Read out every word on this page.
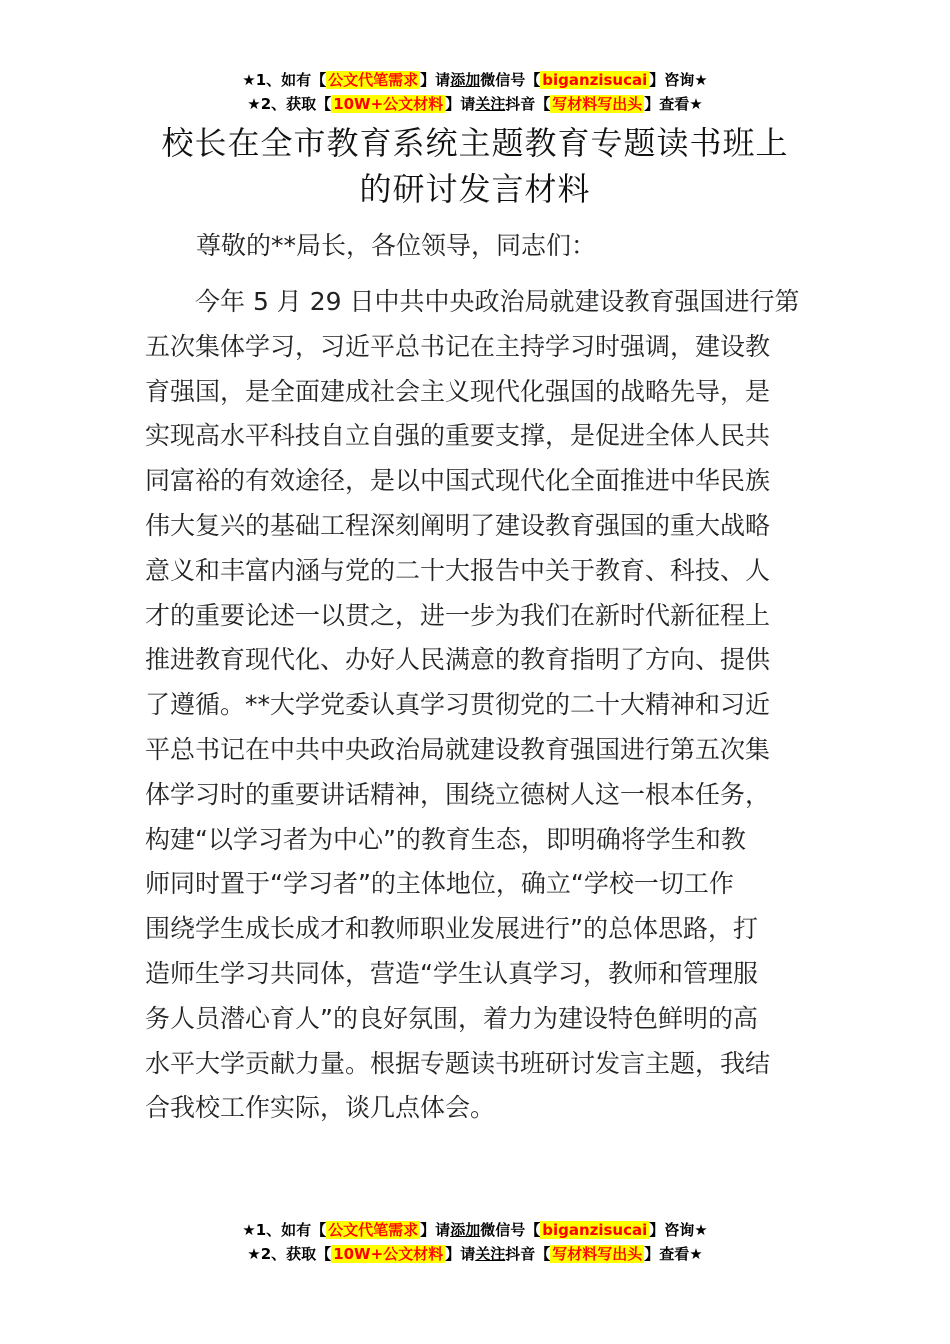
★1、如有【 公文代笔需求 】请添加微信号【 biganzisucai 】咨询★
★2、获取【 10W+公文材料 】请关注抖音【 写材料写出头 】查看★
校长在全市教育系统主题教育专题读书班上
的研讨发言材料
尊敬的**局长，各位领导，同志们：
　　今年 5 月 29 日中共中央政治局就建设教育强国进行第
五次集体学习，习近平总书记在主持学习时强调，建设教
育强国，是全面建成社会主义现代化强国的战略先导，是
实现高水平科技自立自强的重要支撑，是促进全体人民共
同富裕的有效途径，是以中国式现代化全面推进中华民族
伟大复兴的基础工程深刻阐明了建设教育强国的重大战略
意义和丰富内涵与党的二十大报告中关于教育、科技、人
才的重要论述一以贯之，进一步为我们在新时代新征程上
推进教育现代化、办好人民满意的教育指明了方向、提供
了遵循。**大学党委认真学习贯彻党的二十大精神和习近
平总书记在中共中央政治局就建设教育强国进行第五次集
体学习时的重要讲话精神，围绕立德树人这一根本任务，
构建“以学习者为中心”的教育生态，即明确将学生和教
师同时置于“学习者”的主体地位，确立“学校一切工作
围绕学生成长成才和教师职业发展进行”的总体思路，打
造师生学习共同体，营造“学生认真学习，教师和管理服
务人员潜心育人”的良好氛围，着力为建设特色鲜明的高
水平大学贡献力量。根据专题读书班研讨发言主题，我结
合我校工作实际，谈几点体会。
★1、如有【 公文代笔需求 】请添加微信号【 biganzisucai 】咨询★
★2、获取【 10W+公文材料 】请关注抖音【 写材料写出头 】查看★
